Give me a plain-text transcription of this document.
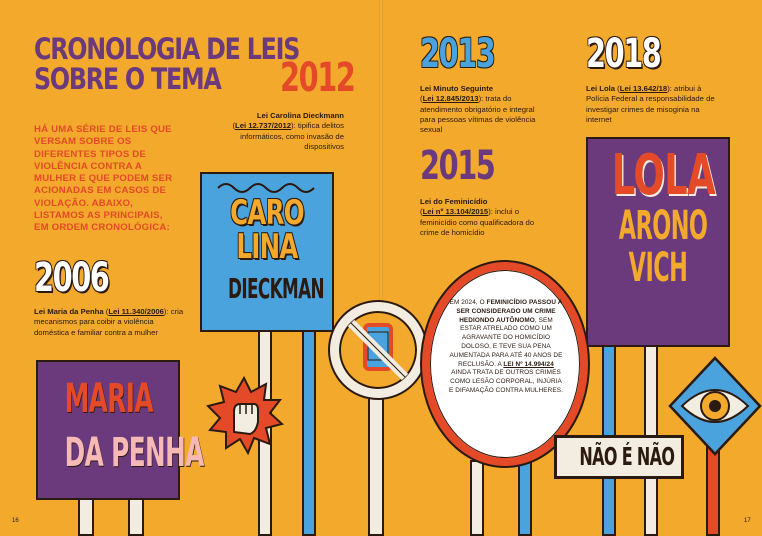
CRONOLOGIA DE LEIS
SOBRE O TEMA

HÁ UMA SÉRIE DE LEIS QUE VERSAM SOBRE OS DIFERENTES TIPOS DE VIOLÊNCIA CONTRA A MULHER E QUE PODEM SER ACIONADAS EM CASOS DE VIOLAÇÃO. ABAIXO, LISTAMOS AS PRINCIPAIS, EM ORDEM CRONOLÓGICA:

2006

Lei Maria da Penha (Lei 11.340/2006): cria mecanismos para coibir a violência doméstica e familiar contra a mulher

2012

Lei Carolina Dieckmann
(Lei 12.737/2012): tipifica delitos informáticos, como invasão de dispositivos

MARIA
DA PENHA
CARO
LINA
DIECKMAN
16
2013

Lei Minuto Seguinte
(Lei 12.845/2013): trata do atendimento obrigatório e integral para pessoas vítimas de violência sexual

2015

Lei do Feminicídio
(Lei nº 13.104/2015): inclui o feminicídio como qualificadora do crime de homicídio

2018

Lei Lola (Lei 13.642/18): atribui à Polícia Federal a responsabilidade de investigar crimes de misoginia na internet

LOLA
ARONO
VICH

EM 2024, O FEMINICÍDIO PASSOU A SER CONSIDERADO UM CRIME HEDIONDO AUTÔNOMO, SEM ESTAR ATRELADO COMO UM AGRAVANTE DO HOMICÍDIO DOLOSO, E TEVE SUA PENA AUMENTADA PARA ATÉ 40 ANOS DE RECLUSÃO. A LEI Nº 14.994/24 AINDA TRATA DE OUTROS CRIMES COMO LESÃO CORPORAL, INJÚRIA E DIFAMAÇÃO CONTRA MULHERES.

NÃO É NÃO
17
